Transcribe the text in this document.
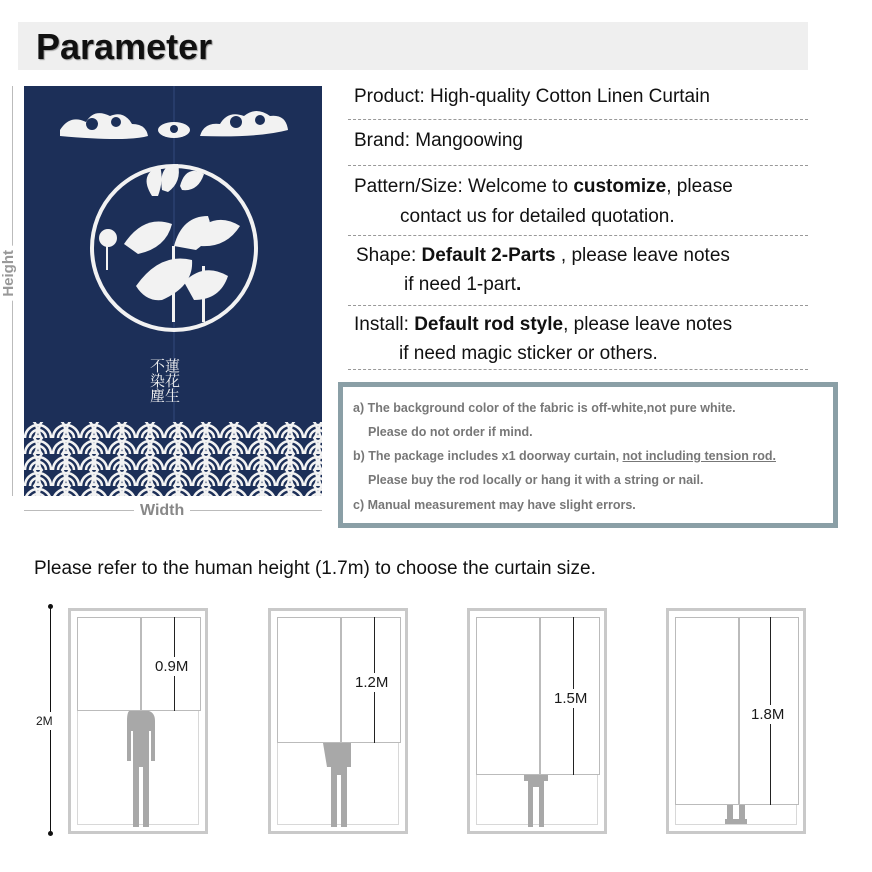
Parameter
Height
蓮花生
不染塵
Width
Product: High-quality Cotton Linen Curtain
Brand: Mangoowing
Pattern/Size: Welcome to customize, please
contact us for detailed quotation.
Shape: Default 2-Parts , please leave notes
if need 1-part.
Install: Default rod style, please leave notes
if need magic sticker or others.
a) The background color of the fabric is off-white,not pure white.
Please do not order if mind.
b) The package includes x1 doorway curtain, not including tension rod.
Please buy the rod locally or hang it with a string or nail.
c) Manual measurement may have slight errors.
Please refer to the human height (1.7m) to choose the curtain size.
2M
0.9M
1.2M
1.5M
1.8M
